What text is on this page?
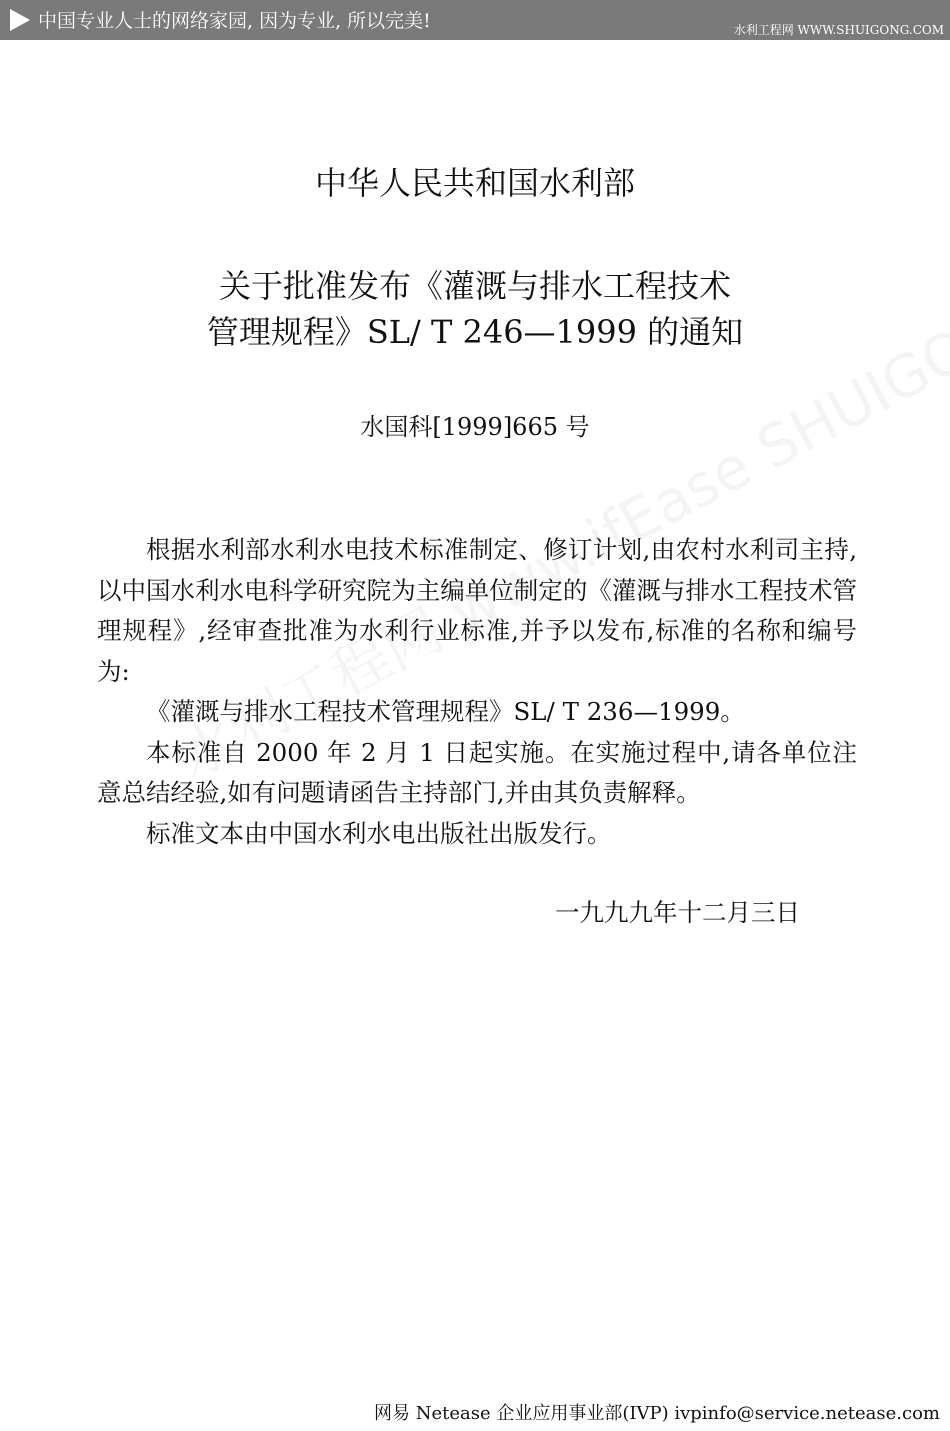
中国专业人士的网络家园, 因为专业, 所以完美!	水利工程网 WWW.SHUIGONG.COM
中华人民共和国水利部
关于批准发布《灌溉与排水工程技术
管理规程》SL/ T 246—1999 的通知
水国科[1999]665 号

根据水利部水利水电技术标准制定、修订计划,由农村水利司主持,以中国水利水电科学研究院为主编单位制定的《灌溉与排水工程技术管理规程》,经审查批准为水利行业标准,并予以发布,标准的名称和编号为:

《灌溉与排水工程技术管理规程》SL/ T 236—1999。

本标准自 2000 年 2 月 1 日起实施。在实施过程中,请各单位注意总结经验,如有问题请函告主持部门,并由其负责解释。

标准文本由中国水利水电出版社出版发行。

一九九九年十二月三日
网易 Netease 企业应用事业部(IVP) ivpinfo@service.netease.com
